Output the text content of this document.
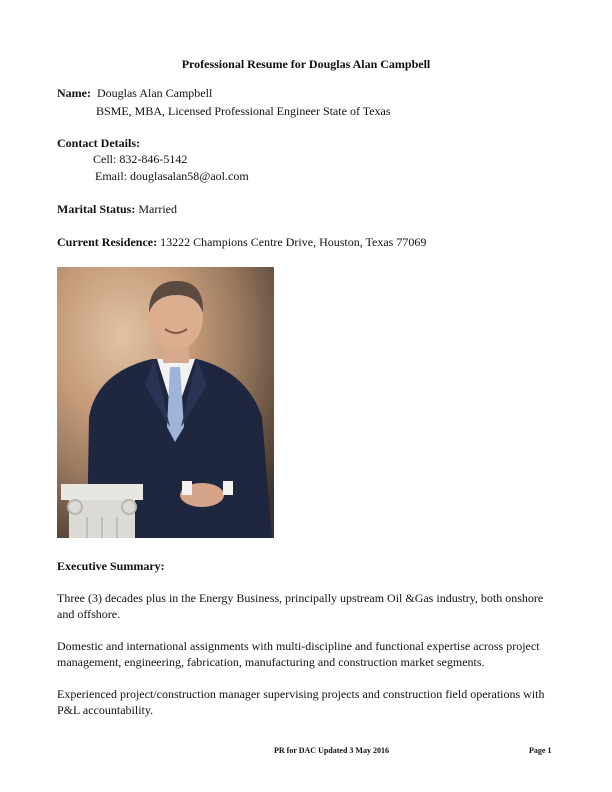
Professional Resume for Douglas Alan Campbell
Name: Douglas Alan Campbell
BSME, MBA, Licensed Professional Engineer State of Texas
Contact Details:
Cell: 832-846-5142
Email: douglasalan58@aol.com
Marital Status: Married
Current Residence: 13222 Champions Centre Drive, Houston, Texas 77069
Executive Summary:
Three (3) decades plus in the Energy Business, principally upstream Oil &Gas industry, both onshore and offshore.
Domestic and international assignments with multi-discipline and functional expertise across project management, engineering, fabrication, manufacturing and construction market segments.
Experienced project/construction manager supervising projects and construction field operations with P&L accountability.
PR for DAC Updated 3 May 2016	Page 1
